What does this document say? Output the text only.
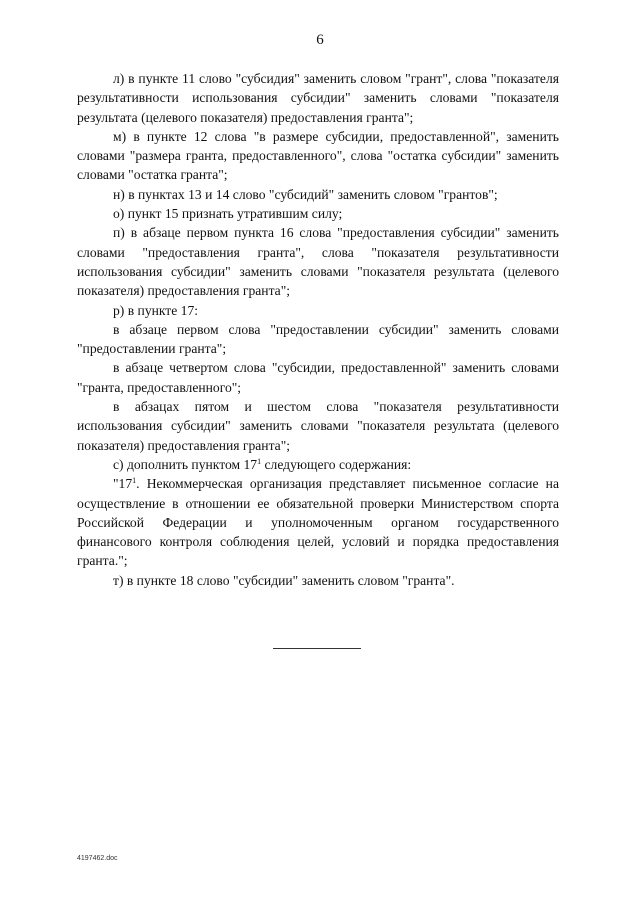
6

л) в пункте 11 слово "субсидия" заменить словом "грант", слова "показателя результативности использования субсидии" заменить словами "показателя результата (целевого показателя) предоставления гранта";

м) в пункте 12 слова "в размере субсидии, предоставленной", заменить словами "размера гранта, предоставленного", слова "остатка субсидии" заменить словами "остатка гранта";

н) в пунктах 13 и 14 слово "субсидий" заменить словом "грантов";

о) пункт 15 признать утратившим силу;

п) в абзаце первом пункта 16 слова "предоставления субсидии" заменить словами "предоставления гранта", слова "показателя результативности использования субсидии" заменить словами "показателя результата (целевого показателя) предоставления гранта";

р) в пункте 17:

в абзаце первом слова "предоставлении субсидии" заменить словами "предоставлении гранта";

в абзаце четвертом слова "субсидии, предоставленной" заменить словами "гранта, предоставленного";

в абзацах пятом и шестом слова "показателя результативности использования субсидии" заменить словами "показателя результата (целевого показателя) предоставления гранта";

с) дополнить пунктом $17^1$ следующего содержания:

"$17^1$. Некоммерческая организация представляет письменное согласие на осуществление в отношении ее обязательной проверки Министерством спорта Российской Федерации и уполномоченным органом государственного финансового контроля соблюдения целей, условий и порядка предоставления гранта.";

т) в пункте 18 слово "субсидии" заменить словом "гранта".

4197462.doc
